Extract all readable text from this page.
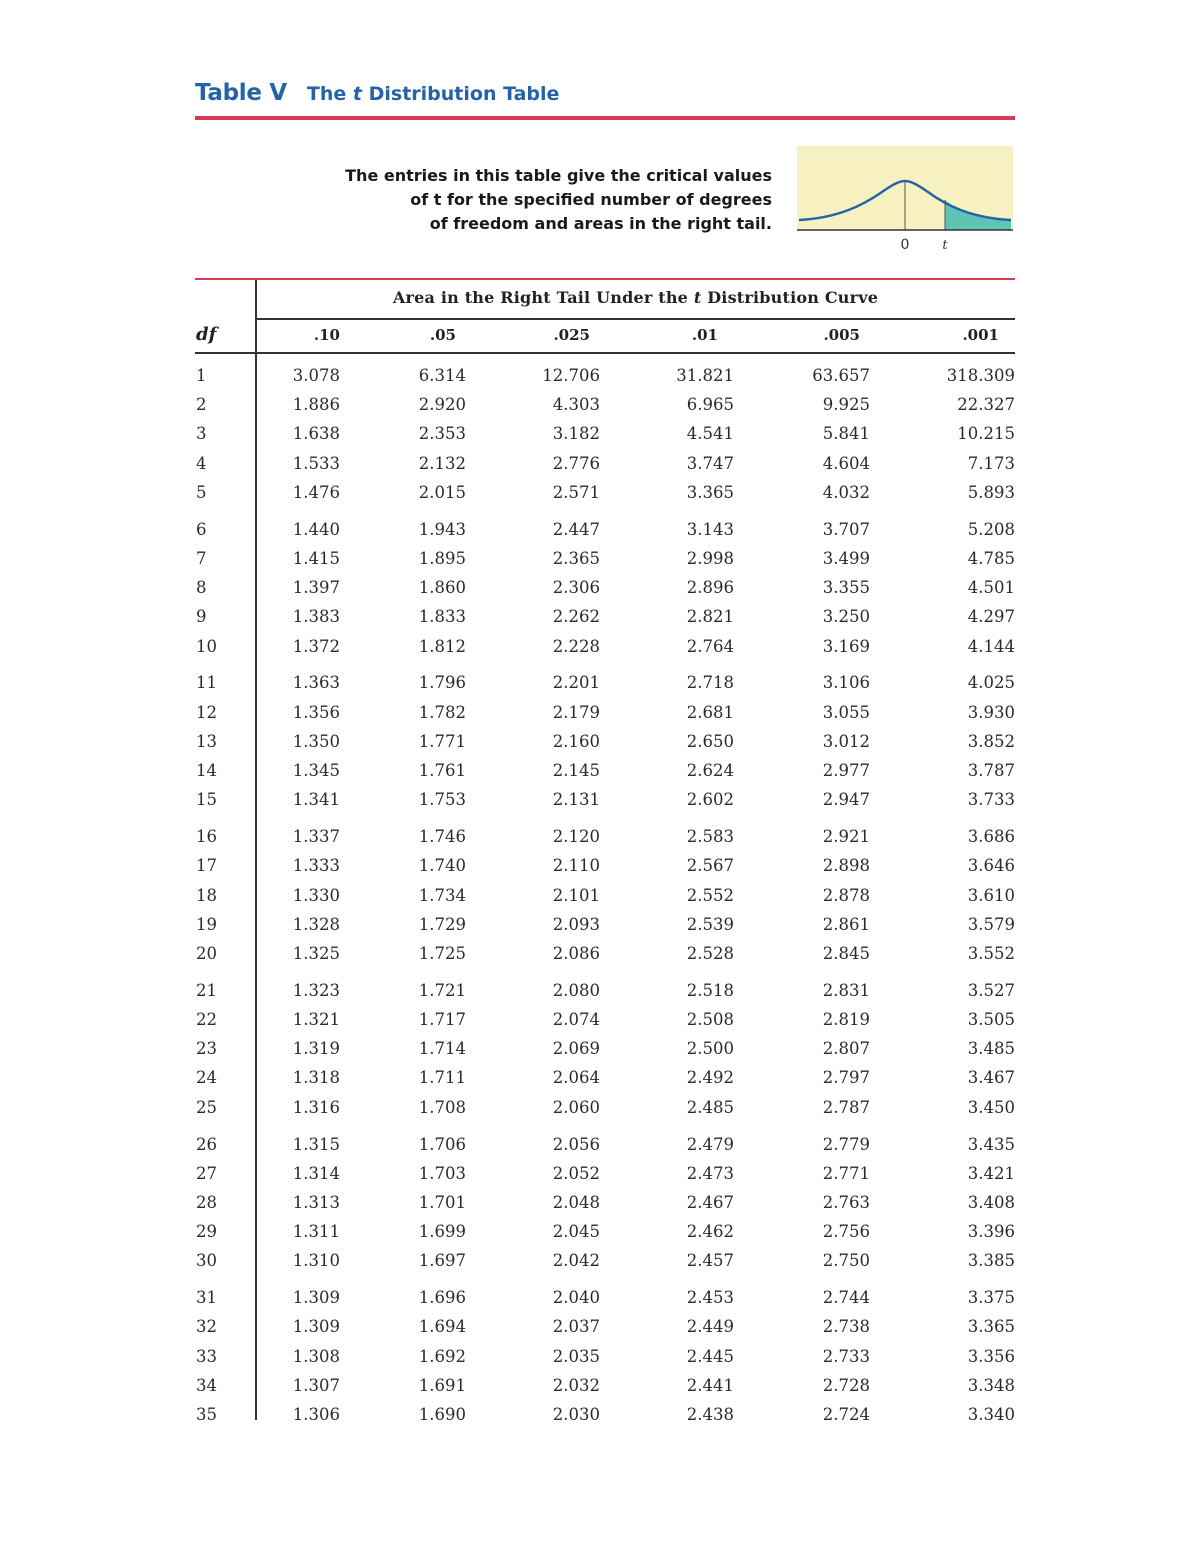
Table V The t Distribution Table

The entries in this table give the critical values

of t for the specified number of degrees

of freedom and areas in the right tail.

0	t
Area in the Right Tail Under the t Distribution Curve
df	.10	.05	.025	.01	.005	.001
1	3.078	6.314	12.706	31.821	63.657	318.309
2	1.886	2.920	4.303	6.965	9.925	22.327
3	1.638	2.353	3.182	4.541	5.841	10.215
4	1.533	2.132	2.776	3.747	4.604	7.173
5	1.476	2.015	2.571	3.365	4.032	5.893
6	1.440	1.943	2.447	3.143	3.707	5.208
7	1.415	1.895	2.365	2.998	3.499	4.785
8	1.397	1.860	2.306	2.896	3.355	4.501
9	1.383	1.833	2.262	2.821	3.250	4.297
10	1.372	1.812	2.228	2.764	3.169	4.144
11	1.363	1.796	2.201	2.718	3.106	4.025
12	1.356	1.782	2.179	2.681	3.055	3.930
13	1.350	1.771	2.160	2.650	3.012	3.852
14	1.345	1.761	2.145	2.624	2.977	3.787
15	1.341	1.753	2.131	2.602	2.947	3.733
16	1.337	1.746	2.120	2.583	2.921	3.686
17	1.333	1.740	2.110	2.567	2.898	3.646
18	1.330	1.734	2.101	2.552	2.878	3.610
19	1.328	1.729	2.093	2.539	2.861	3.579
20	1.325	1.725	2.086	2.528	2.845	3.552
21	1.323	1.721	2.080	2.518	2.831	3.527
22	1.321	1.717	2.074	2.508	2.819	3.505
23	1.319	1.714	2.069	2.500	2.807	3.485
24	1.318	1.711	2.064	2.492	2.797	3.467
25	1.316	1.708	2.060	2.485	2.787	3.450
26	1.315	1.706	2.056	2.479	2.779	3.435
27	1.314	1.703	2.052	2.473	2.771	3.421
28	1.313	1.701	2.048	2.467	2.763	3.408
29	1.311	1.699	2.045	2.462	2.756	3.396
30	1.310	1.697	2.042	2.457	2.750	3.385
31	1.309	1.696	2.040	2.453	2.744	3.375
32	1.309	1.694	2.037	2.449	2.738	3.365
33	1.308	1.692	2.035	2.445	2.733	3.356
34	1.307	1.691	2.032	2.441	2.728	3.348
35	1.306	1.690	2.030	2.438	2.724	3.340
